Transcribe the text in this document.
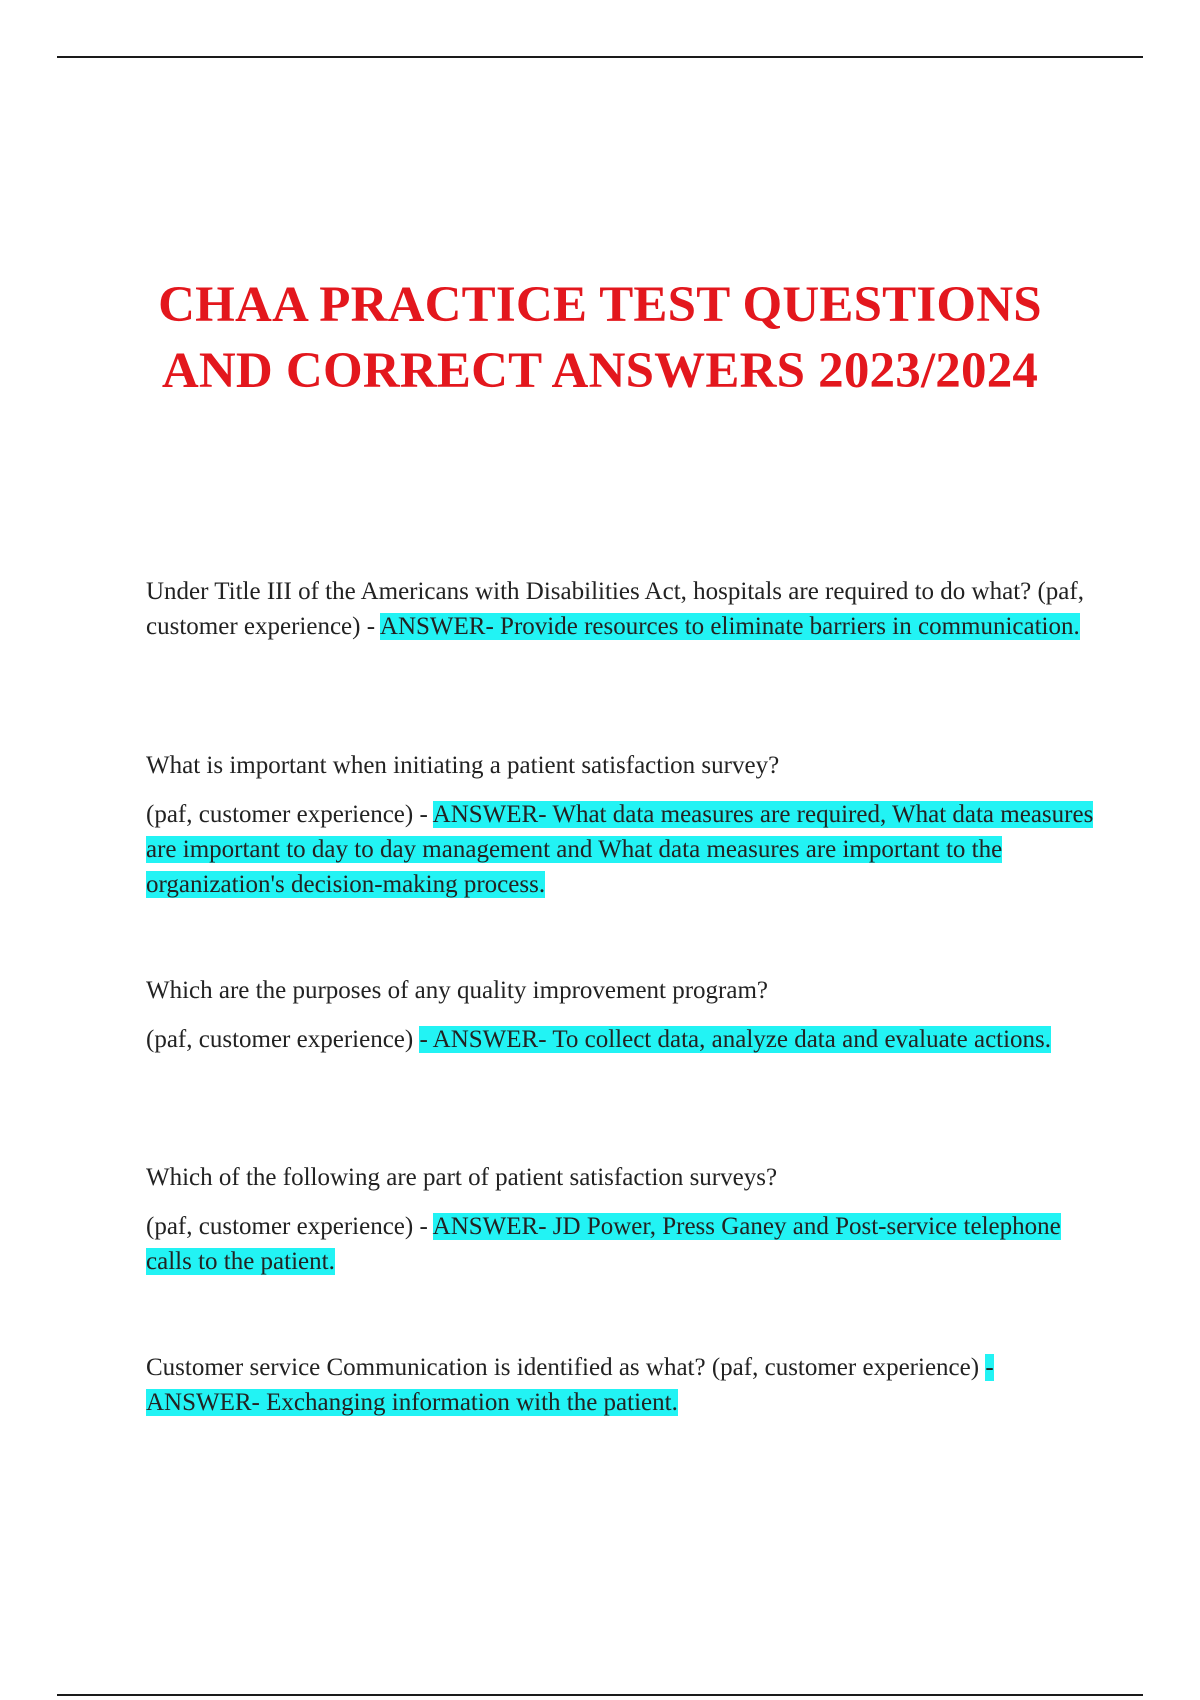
CHAA PRACTICE TEST QUESTIONS
AND CORRECT ANSWERS 2023/2024

Under Title III of the Americans with Disabilities Act, hospitals are required to do what? (paf, customer experience) - ANSWER- Provide resources to eliminate barriers in communication.

What is important when initiating a patient satisfaction survey?

(paf, customer experience) - ANSWER- What data measures are required, What data measures are important to day to day management and What data measures are important to the organization's decision-making process.

Which are the purposes of any quality improvement program?

(paf, customer experience) - ANSWER- To collect data, analyze data and evaluate actions.

Which of the following are part of patient satisfaction surveys?

(paf, customer experience) - ANSWER- JD Power, Press Ganey and Post-service telephone calls to the patient.

Customer service Communication is identified as what? (paf, customer experience) - ANSWER- Exchanging information with the patient.
